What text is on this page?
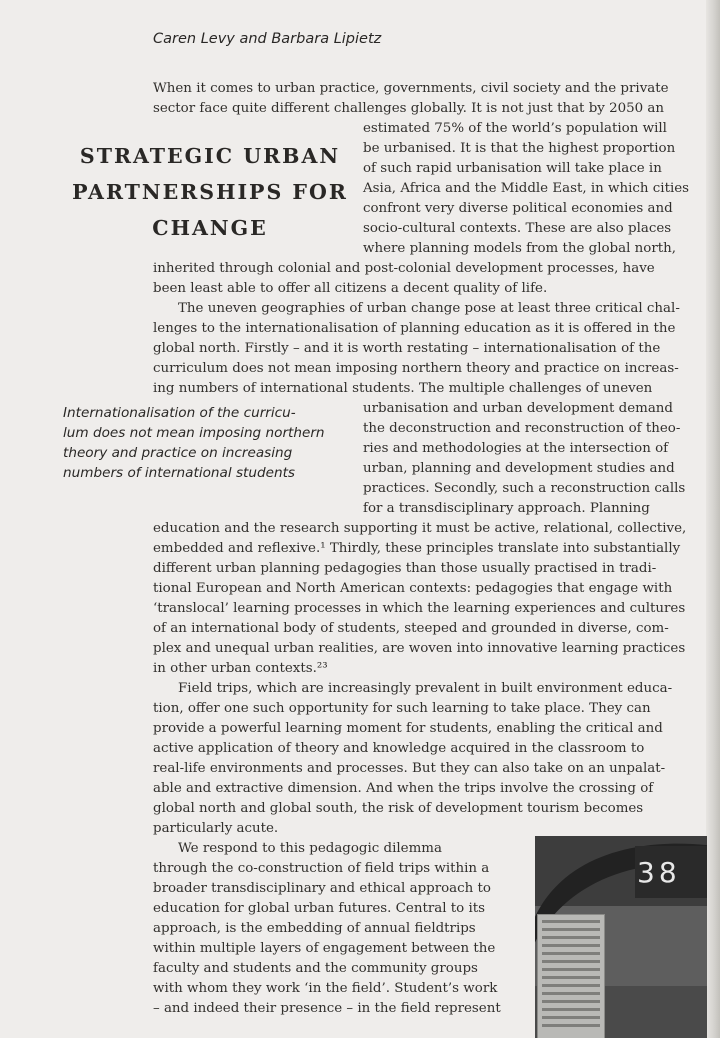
Caren Levy and Barbara Lipietz
STRATEGIC URBAN
PARTNERSHIPS FOR
CHANGE
Internationalisation of the curricu-
lum does not mean imposing northern
theory and practice on increasing
numbers of international students
When it comes to urban practice, governments, civil society and the private
sector face quite different challenges globally. It is not just that by 2050 an
estimated 75% of the world’s population will
be urbanised. It is that the highest proportion
of such rapid urbanisation will take place in
Asia, Africa and the Middle East, in which cities
confront very diverse political economies and
socio-cultural contexts. These are also places
where planning models from the global north,
inherited through colonial and post-colonial development processes, have
been least able to offer all citizens a decent quality of life.
The uneven geographies of urban change pose at least three critical chal-
lenges to the internationalisation of planning education as it is offered in the
global north. Firstly – and it is worth restating – internationalisation of the
curriculum does not mean imposing northern theory and practice on increas-
ing numbers of international students. The multiple challenges of uneven
urbanisation and urban development demand
the deconstruction and reconstruction of theo-
ries and methodologies at the intersection of
urban, planning and development studies and
practices. Secondly, such a reconstruction calls
for a transdisciplinary approach. Planning
education and the research supporting it must be active, relational, collective,
embedded and reflexive.¹ Thirdly, these principles translate into substantially
different urban planning pedagogies than those usually practised in tradi-
tional European and North American contexts: pedagogies that engage with
‘translocal’ learning processes in which the learning experiences and cultures
of an international body of students, steeped and grounded in diverse, com-
plex and unequal urban realities, are woven into innovative learning practices
in other urban contexts.²³
Field trips, which are increasingly prevalent in built environment educa-
tion, offer one such opportunity for such learning to take place. They can
provide a powerful learning moment for students, enabling the critical and
active application of theory and knowledge acquired in the classroom to
real-life environments and processes. But they can also take on an unpalat-
able and extractive dimension. And when the trips involve the crossing of
global north and global south, the risk of development tourism becomes
particularly acute.
We respond to this pedagogic dilemma
through the co-construction of field trips within a
broader transdisciplinary and ethical approach to
education for global urban futures. Central to its
approach, is the embedding of annual fieldtrips
within multiple layers of engagement between the
faculty and students and the community groups
with whom they work ‘in the field’. Student’s work
– and indeed their presence – in the field represent
38
